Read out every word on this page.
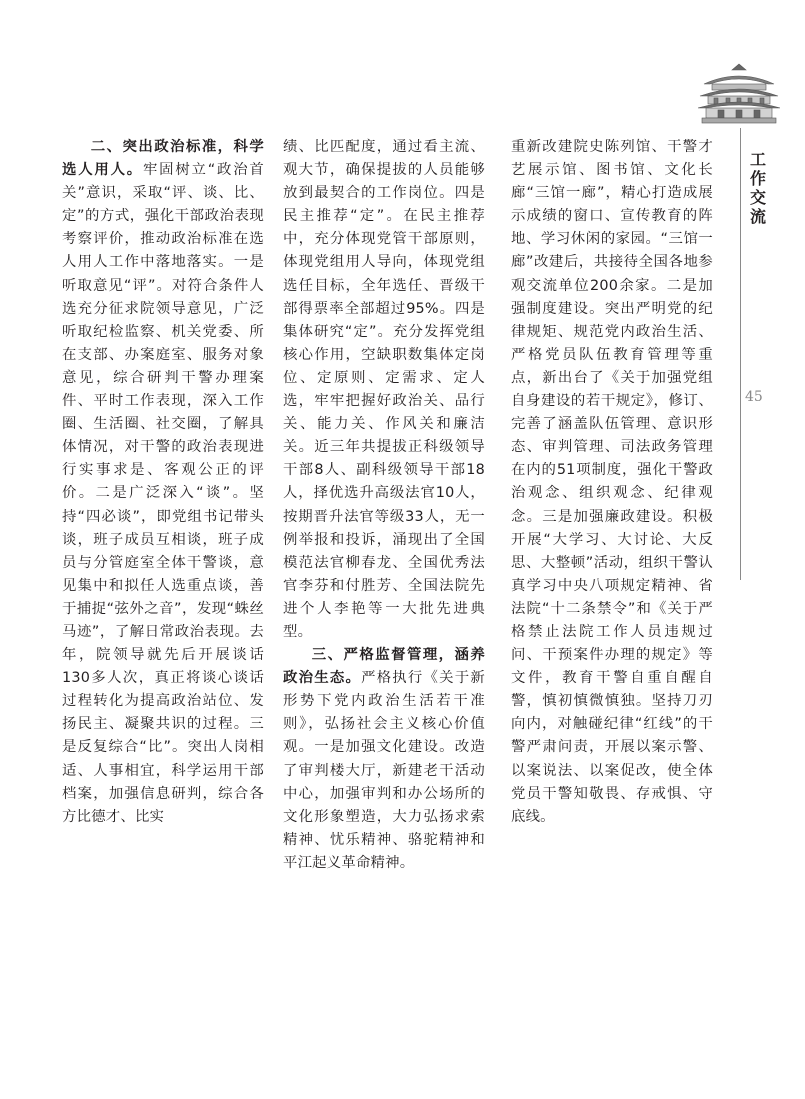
工
作
交
流
45

二、突出政治标准，科学选人用人。牢固树立“政治首关”意识，采取“评、谈、比、定”的方式，强化干部政治表现考察评价，推动政治标准在选人用人工作中落地落实。一是听取意见“评”。对符合条件人选充分征求院领导意见，广泛听取纪检监察、机关党委、所在支部、办案庭室、服务对象意见，综合研判干警办理案件、平时工作表现，深入工作圈、生活圈、社交圈，了解具体情况，对干警的政治表现进行实事求是、客观公正的评价。二是广泛深入“谈”。坚持“四必谈”，即党组书记带头谈，班子成员互相谈，班子成员与分管庭室全体干警谈，意见集中和拟任人选重点谈，善于捕捉“弦外之音”，发现“蛛丝马迹”，了解日常政治表现。去年，院领导就先后开展谈话130多人次，真正将谈心谈话过程转化为提高政治站位、发扬民主、凝聚共识的过程。三是反复综合“比”。突出人岗相适、人事相宜，科学运用干部档案，加强信息研判，综合各方比德才、比实

绩、比匹配度，通过看主流、观大节，确保提拔的人员能够放到最契合的工作岗位。四是民主推荐“定”。在民主推荐中，充分体现党管干部原则，体现党组用人导向，体现党组选任目标，全年选任、晋级干部得票率全部超过95%。四是集体研究“定”。充分发挥党组核心作用，空缺职数集体定岗位、定原则、定需求、定人选，牢牢把握好政治关、品行关、能力关、作风关和廉洁关。近三年共提拔正科级领导干部8人、副科级领导干部18人，择优选升高级法官10人，按期晋升法官等级33人，无一例举报和投诉，涌现出了全国模范法官柳春龙、全国优秀法官李芬和付胜芳、全国法院先进个人李艳等一大批先进典型。

三、严格监督管理，涵养政治生态。严格执行《关于新形势下党内政治生活若干准则》，弘扬社会主义核心价值观。一是加强文化建设。改造了审判楼大厅，新建老干活动中心，加强审判和办公场所的文化形象塑造，大力弘扬求索精神、忧乐精神、骆驼精神和平江起义革命精神。

重新改建院史陈列馆、干警才艺展示馆、图书馆、文化长廊“三馆一廊”，精心打造成展示成绩的窗口、宣传教育的阵地、学习休闲的家园。“三馆一廊”改建后，共接待全国各地参观交流单位200余家。二是加强制度建设。突出严明党的纪律规矩、规范党内政治生活、严格党员队伍教育管理等重点，新出台了《关于加强党组自身建设的若干规定》，修订、完善了涵盖队伍管理、意识形态、审判管理、司法政务管理在内的51项制度，强化干警政治观念、组织观念、纪律观念。三是加强廉政建设。积极开展“大学习、大讨论、大反思、大整顿”活动，组织干警认真学习中央八项规定精神、省法院“十二条禁令”和《关于严格禁止法院工作人员违规过问、干预案件办理的规定》等文件，教育干警自重自醒自警，慎初慎微慎独。坚持刀刃向内，对触碰纪律“红线”的干警严肃问责，开展以案示警、以案说法、以案促改，使全体党员干警知敬畏、存戒惧、守底线。
